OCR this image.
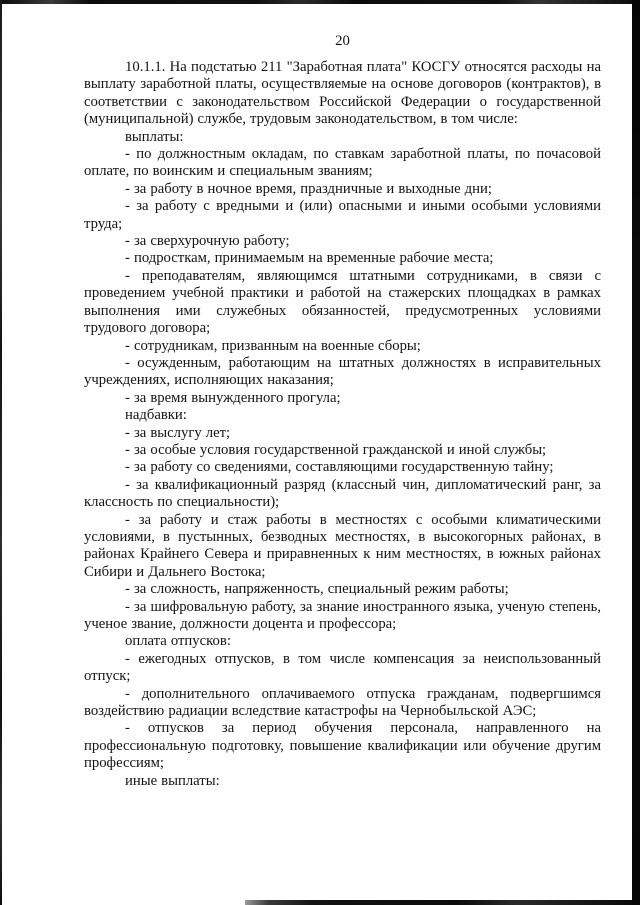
20

10.1.1. На подстатью 211 "Заработная плата" КОСГУ относятся расходы на выплату заработной платы, осуществляемые на основе договоров (контрактов), в соответствии с законодательством Российской Федерации о государственной (муниципальной) службе, трудовым законодательством, в том числе:

выплаты:

- по должностным окладам, по ставкам заработной платы, по почасовой оплате, по воинским и специальным званиям;

- за работу в ночное время, праздничные и выходные дни;

- за работу с вредными и (или) опасными и иными особыми условиями труда;

- за сверхурочную работу;

- подросткам, принимаемым на временные рабочие места;

- преподавателям, являющимся штатными сотрудниками, в связи с проведением учебной практики и работой на стажерских площадках в рамках выполнения ими служебных обязанностей, предусмотренных условиями трудового договора;

- сотрудникам, призванным на военные сборы;

- осужденным, работающим на штатных должностях в исправительных учреждениях, исполняющих наказания;

- за время вынужденного прогула;

надбавки:

- за выслугу лет;

- за особые условия государственной гражданской и иной службы;

- за работу со сведениями, составляющими государственную тайну;

- за квалификационный разряд (классный чин, дипломатический ранг, за классность по специальности);

- за работу и стаж работы в местностях с особыми климатическими условиями, в пустынных, безводных местностях, в высокогорных районах, в районах Крайнего Севера и приравненных к ним местностях, в южных районах Сибири и Дальнего Востока;

- за сложность, напряженность, специальный режим работы;

- за шифровальную работу, за знание иностранного языка, ученую степень, ученое звание, должности доцента и профессора;

оплата отпусков:

- ежегодных отпусков, в том числе компенсация за неиспользованный отпуск;

- дополнительного оплачиваемого отпуска гражданам, подвергшимся воздействию радиации вследствие катастрофы на Чернобыльской АЭС;

- отпусков за период обучения персонала, направленного на профессиональную подготовку, повышение квалификации или обучение другим профессиям;

иные выплаты:
